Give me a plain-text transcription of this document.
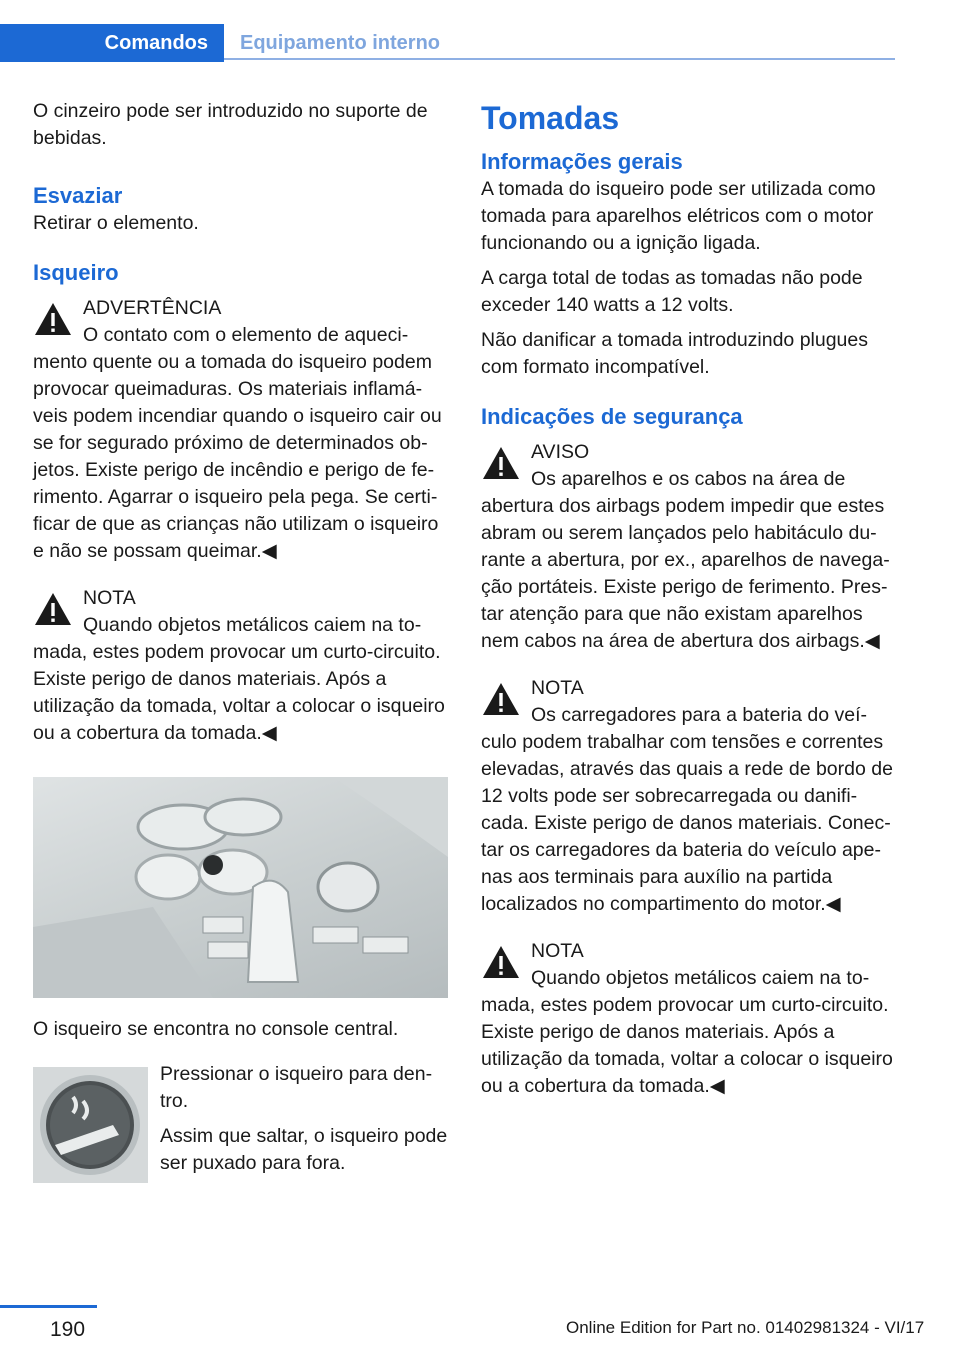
Comandos	Equipamento interno

O cinzeiro pode ser introduzido no suporte de bebidas.

Esvaziar

Retirar o elemento.

Isqueiro
ADVERTÊNCIA
O contato com o elemento de aquecimento quente ou a tomada do isqueiro podem provocar queimaduras. Os materiais inflamáveis podem incendiar quando o isqueiro cair ou se for segurado próximo de determinados objetos. Existe perigo de incêndio e perigo de ferimento. Agarrar o isqueiro pela pega. Se certificar de que as crianças não utilizam o isqueiro e não se possam queimar.◀
NOTA
Quando objetos metálicos caiem na tomada, estes podem provocar um curto-circuito. Existe perigo de danos materiais. Após a utilização da tomada, voltar a colocar o isqueiro ou a cobertura da tomada.◀

O isqueiro se encontra no console central.

Pressionar o isqueiro para dentro.

Assim que saltar, o isqueiro pode ser puxado para fora.

Tomadas
Informações gerais

A tomada do isqueiro pode ser utilizada como tomada para aparelhos elétricos com o motor funcionando ou a ignição ligada.

A carga total de todas as tomadas não pode exceder 140 watts a 12 volts.

Não danificar a tomada introduzindo plugues com formato incompatível.

Indicações de segurança
AVISO
Os aparelhos e os cabos na área de abertura dos airbags podem impedir que estes abram ou serem lançados pelo habitáculo durante a abertura, por ex., aparelhos de navegação portáteis. Existe perigo de ferimento. Prestar atenção para que não existam aparelhos nem cabos na área de abertura dos airbags.◀
NOTA
Os carregadores para a bateria do veículo podem trabalhar com tensões e correntes elevadas, através das quais a rede de bordo de 12 volts pode ser sobrecarregada ou danificada. Existe perigo de danos materiais. Conectar os carregadores da bateria do veículo apenas aos terminais para auxílio na partida localizados no compartimento do motor.◀
NOTA
Quando objetos metálicos caiem na tomada, estes podem provocar um curto-circuito. Existe perigo de danos materiais. Após a utilização da tomada, voltar a colocar o isqueiro ou a cobertura da tomada.◀
190	Online Edition for Part no. 01402981324 - VI/17
